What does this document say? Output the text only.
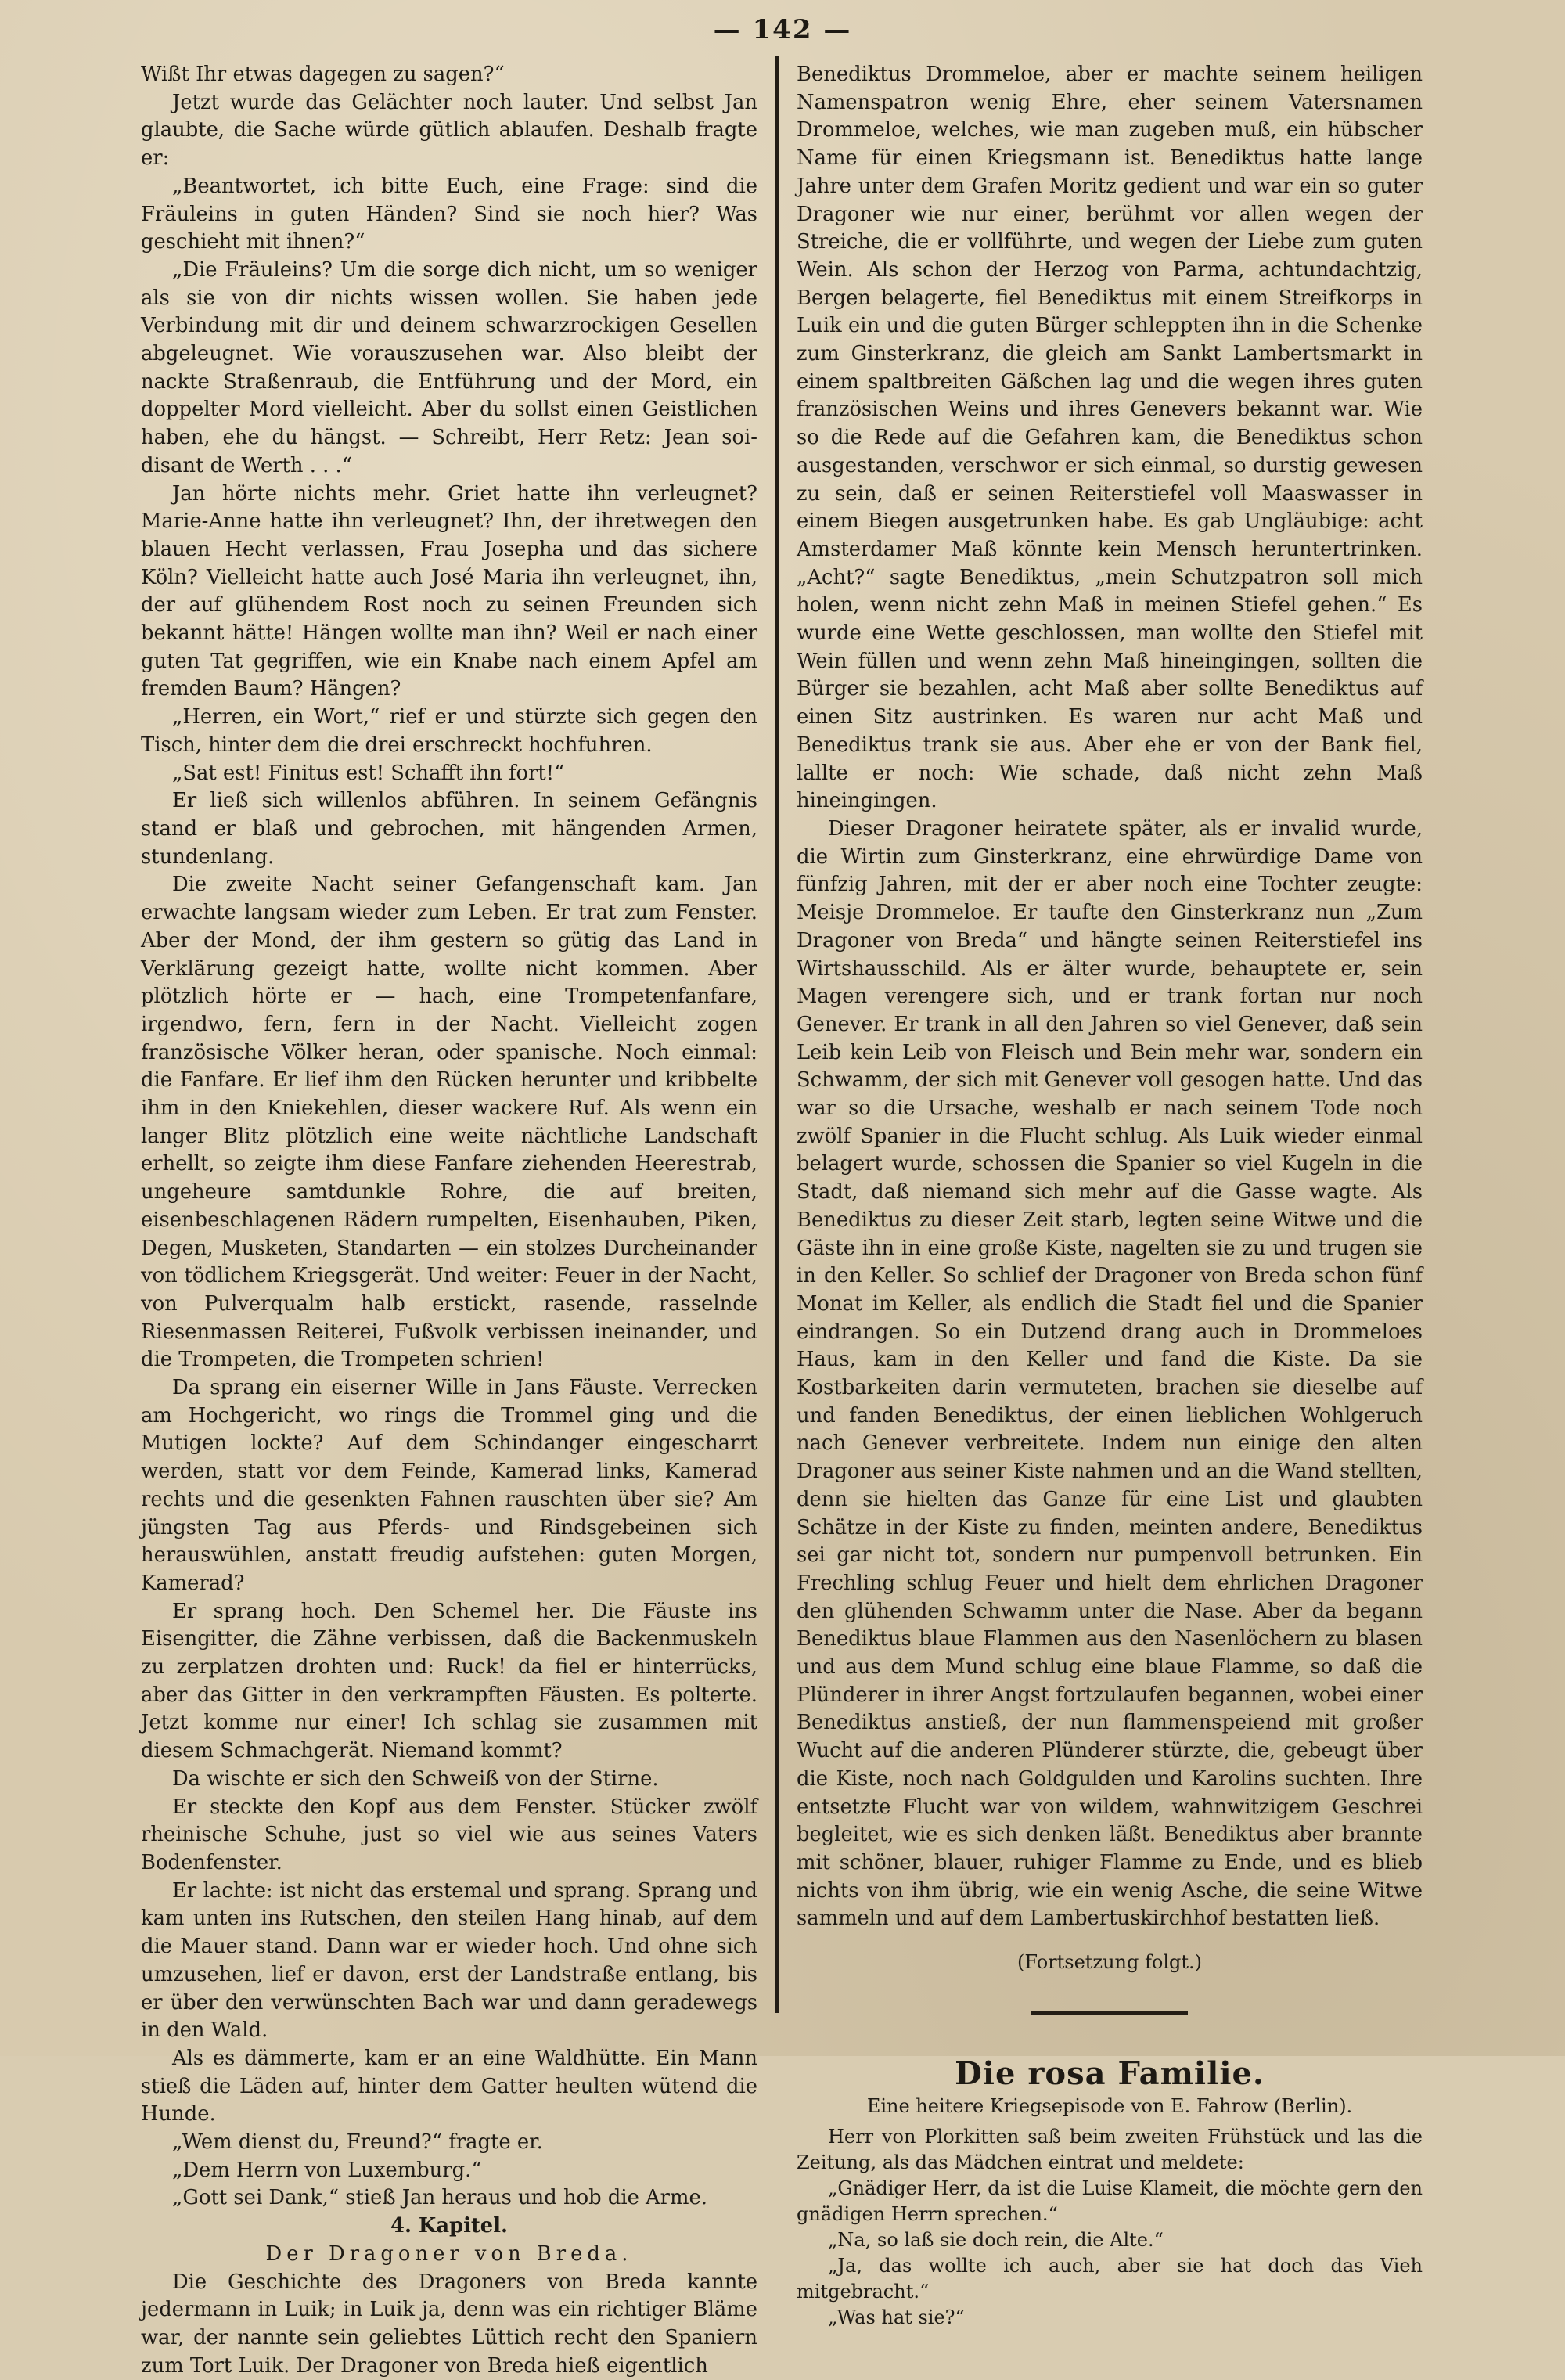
— 142 —

Wißt Ihr etwas dagegen zu sagen?“

Jetzt wurde das Gelächter noch lauter. Und selbst Jan glaubte, die Sache würde gütlich ablaufen. Deshalb fragte er:

„Beantwortet, ich bitte Euch, eine Frage: sind die Fräuleins in guten Händen? Sind sie noch hier? Was geschieht mit ihnen?“

„Die Fräuleins? Um die sorge dich nicht, um so weniger als sie von dir nichts wissen wollen. Sie haben jede Verbindung mit dir und deinem schwarzrockigen Gesellen abgeleugnet. Wie vorauszusehen war. Also bleibt der nackte Straßenraub, die Entführung und der Mord, ein doppelter Mord vielleicht. Aber du sollst einen Geistlichen haben, ehe du hängst. — Schreibt, Herr Retz: Jean soi-disant de Werth . . .“

Jan hörte nichts mehr. Griet hatte ihn verleugnet? Marie-Anne hatte ihn verleugnet? Ihn, der ihretwegen den blauen Hecht verlassen, Frau Josepha und das sichere Köln? Vielleicht hatte auch José Maria ihn verleugnet, ihn, der auf glühendem Rost noch zu seinen Freunden sich bekannt hätte! Hängen wollte man ihn? Weil er nach einer guten Tat gegriffen, wie ein Knabe nach einem Apfel am fremden Baum? Hängen?

„Herren, ein Wort,“ rief er und stürzte sich gegen den Tisch, hinter dem die drei erschreckt hochfuhren.

„Sat est! Finitus est! Schafft ihn fort!“

Er ließ sich willenlos abführen. In seinem Gefängnis stand er blaß und gebrochen, mit hängenden Armen, stundenlang.

Die zweite Nacht seiner Gefangenschaft kam. Jan erwachte langsam wieder zum Leben. Er trat zum Fenster. Aber der Mond, der ihm gestern so gütig das Land in Verklärung gezeigt hatte, wollte nicht kommen. Aber plötzlich hörte er — hach, eine Trompetenfanfare, irgendwo, fern, fern in der Nacht. Vielleicht zogen französische Völker heran, oder spanische. Noch einmal: die Fanfare. Er lief ihm den Rücken herunter und kribbelte ihm in den Kniekehlen, dieser wackere Ruf. Als wenn ein langer Blitz plötzlich eine weite nächtliche Landschaft erhellt, so zeigte ihm diese Fanfare ziehenden Heerestrab, ungeheure samtdunkle Rohre, die auf breiten, eisenbeschlagenen Rädern rumpelten, Eisenhauben, Piken, Degen, Musketen, Standarten — ein stolzes Durcheinander von tödlichem Kriegsgerät. Und weiter: Feuer in der Nacht, von Pulverqualm halb erstickt, rasende, rasselnde Riesenmassen Reiterei, Fußvolk verbissen ineinander, und die Trompeten, die Trompeten schrien!

Da sprang ein eiserner Wille in Jans Fäuste. Verrecken am Hochgericht, wo rings die Trommel ging und die Mutigen lockte? Auf dem Schindanger eingescharrt werden, statt vor dem Feinde, Kamerad links, Kamerad rechts und die gesenkten Fahnen rauschten über sie? Am jüngsten Tag aus Pferds- und Rindsgebeinen sich herauswühlen, anstatt freudig aufstehen: guten Morgen, Kamerad?

Er sprang hoch. Den Schemel her. Die Fäuste ins Eisengitter, die Zähne verbissen, daß die Backenmuskeln zu zerplatzen drohten und: Ruck! da fiel er hinterrücks, aber das Gitter in den verkrampften Fäusten. Es polterte. Jetzt komme nur einer! Ich schlag sie zusammen mit diesem Schmachgerät. Niemand kommt?

Da wischte er sich den Schweiß von der Stirne.

Er steckte den Kopf aus dem Fenster. Stücker zwölf rheinische Schuhe, just so viel wie aus seines Vaters Bodenfenster.

Er lachte: ist nicht das erstemal und sprang. Sprang und kam unten ins Rutschen, den steilen Hang hinab, auf dem die Mauer stand. Dann war er wieder hoch. Und ohne sich umzusehen, lief er davon, erst der Landstraße entlang, bis er über den verwünschten Bach war und dann geradewegs in den Wald.

Als es dämmerte, kam er an eine Waldhütte. Ein Mann stieß die Läden auf, hinter dem Gatter heulten wütend die Hunde.

„Wem dienst du, Freund?“ fragte er.

„Dem Herrn von Luxemburg.“

„Gott sei Dank,“ stieß Jan heraus und hob die Arme.

4. Kapitel.

Der Dragoner von Breda.

Die Geschichte des Dragoners von Breda kannte jedermann in Luik; in Luik ja, denn was ein richtiger Bläme war, der nannte sein geliebtes Lüttich recht den Spaniern zum Tort Luik. Der Dragoner von Breda hieß eigentlich

Benediktus Drommeloe, aber er machte seinem heiligen Namenspatron wenig Ehre, eher seinem Vatersnamen Drommeloe, welches, wie man zugeben muß, ein hübscher Name für einen Kriegsmann ist. Benediktus hatte lange Jahre unter dem Grafen Moritz gedient und war ein so guter Dragoner wie nur einer, berühmt vor allen wegen der Streiche, die er vollführte, und wegen der Liebe zum guten Wein. Als schon der Herzog von Parma, achtundachtzig, Bergen belagerte, fiel Benediktus mit einem Streifkorps in Luik ein und die guten Bürger schleppten ihn in die Schenke zum Ginsterkranz, die gleich am Sankt Lambertsmarkt in einem spaltbreiten Gäßchen lag und die wegen ihres guten französischen Weins und ihres Genevers bekannt war. Wie so die Rede auf die Gefahren kam, die Benediktus schon ausgestanden, verschwor er sich einmal, so durstig gewesen zu sein, daß er seinen Reiterstiefel voll Maaswasser in einem Biegen ausgetrunken habe. Es gab Ungläubige: acht Amsterdamer Maß könnte kein Mensch heruntertrinken. „Acht?“ sagte Benediktus, „mein Schutzpatron soll mich holen, wenn nicht zehn Maß in meinen Stiefel gehen.“ Es wurde eine Wette geschlossen, man wollte den Stiefel mit Wein füllen und wenn zehn Maß hineingingen, sollten die Bürger sie bezahlen, acht Maß aber sollte Benediktus auf einen Sitz austrinken. Es waren nur acht Maß und Benediktus trank sie aus. Aber ehe er von der Bank fiel, lallte er noch: Wie schade, daß nicht zehn Maß hineingingen.

Dieser Dragoner heiratete später, als er invalid wurde, die Wirtin zum Ginsterkranz, eine ehrwürdige Dame von fünfzig Jahren, mit der er aber noch eine Tochter zeugte: Meisje Drommeloe. Er taufte den Ginsterkranz nun „Zum Dragoner von Breda“ und hängte seinen Reiterstiefel ins Wirtshausschild. Als er älter wurde, behauptete er, sein Magen verengere sich, und er trank fortan nur noch Genever. Er trank in all den Jahren so viel Genever, daß sein Leib kein Leib von Fleisch und Bein mehr war, sondern ein Schwamm, der sich mit Genever voll gesogen hatte. Und das war so die Ursache, weshalb er nach seinem Tode noch zwölf Spanier in die Flucht schlug. Als Luik wieder einmal belagert wurde, schossen die Spanier so viel Kugeln in die Stadt, daß niemand sich mehr auf die Gasse wagte. Als Benediktus zu dieser Zeit starb, legten seine Witwe und die Gäste ihn in eine große Kiste, nagelten sie zu und trugen sie in den Keller. So schlief der Dragoner von Breda schon fünf Monat im Keller, als endlich die Stadt fiel und die Spanier eindrangen. So ein Dutzend drang auch in Drommeloes Haus, kam in den Keller und fand die Kiste. Da sie Kostbarkeiten darin vermuteten, brachen sie dieselbe auf und fanden Benediktus, der einen lieblichen Wohlgeruch nach Genever verbreitete. Indem nun einige den alten Dragoner aus seiner Kiste nahmen und an die Wand stellten, denn sie hielten das Ganze für eine List und glaubten Schätze in der Kiste zu finden, meinten andere, Benediktus sei gar nicht tot, sondern nur pumpenvoll betrunken. Ein Frechling schlug Feuer und hielt dem ehrlichen Dragoner den glühenden Schwamm unter die Nase. Aber da begann Benediktus blaue Flammen aus den Nasenlöchern zu blasen und aus dem Mund schlug eine blaue Flamme, so daß die Plünderer in ihrer Angst fortzulaufen begannen, wobei einer Benediktus anstieß, der nun flammenspeiend mit großer Wucht auf die anderen Plünderer stürzte, die, gebeugt über die Kiste, noch nach Goldgulden und Karolins suchten. Ihre entsetzte Flucht war von wildem, wahnwitzigem Geschrei begleitet, wie es sich denken läßt. Benediktus aber brannte mit schöner, blauer, ruhiger Flamme zu Ende, und es blieb nichts von ihm übrig, wie ein wenig Asche, die seine Witwe sammeln und auf dem Lambertuskirchhof bestatten ließ.

(Fortsetzung folgt.)

Die rosa Familie.

Eine heitere Kriegsepisode von E. Fahrow (Berlin).

Herr von Plorkitten saß beim zweiten Frühstück und las die Zeitung, als das Mädchen eintrat und meldete:

„Gnädiger Herr, da ist die Luise Klameit, die möchte gern den gnädigen Herrn sprechen.“

„Na, so laß sie doch rein, die Alte.“

„Ja, das wollte ich auch, aber sie hat doch das Vieh mitgebracht.“

„Was hat sie?“
